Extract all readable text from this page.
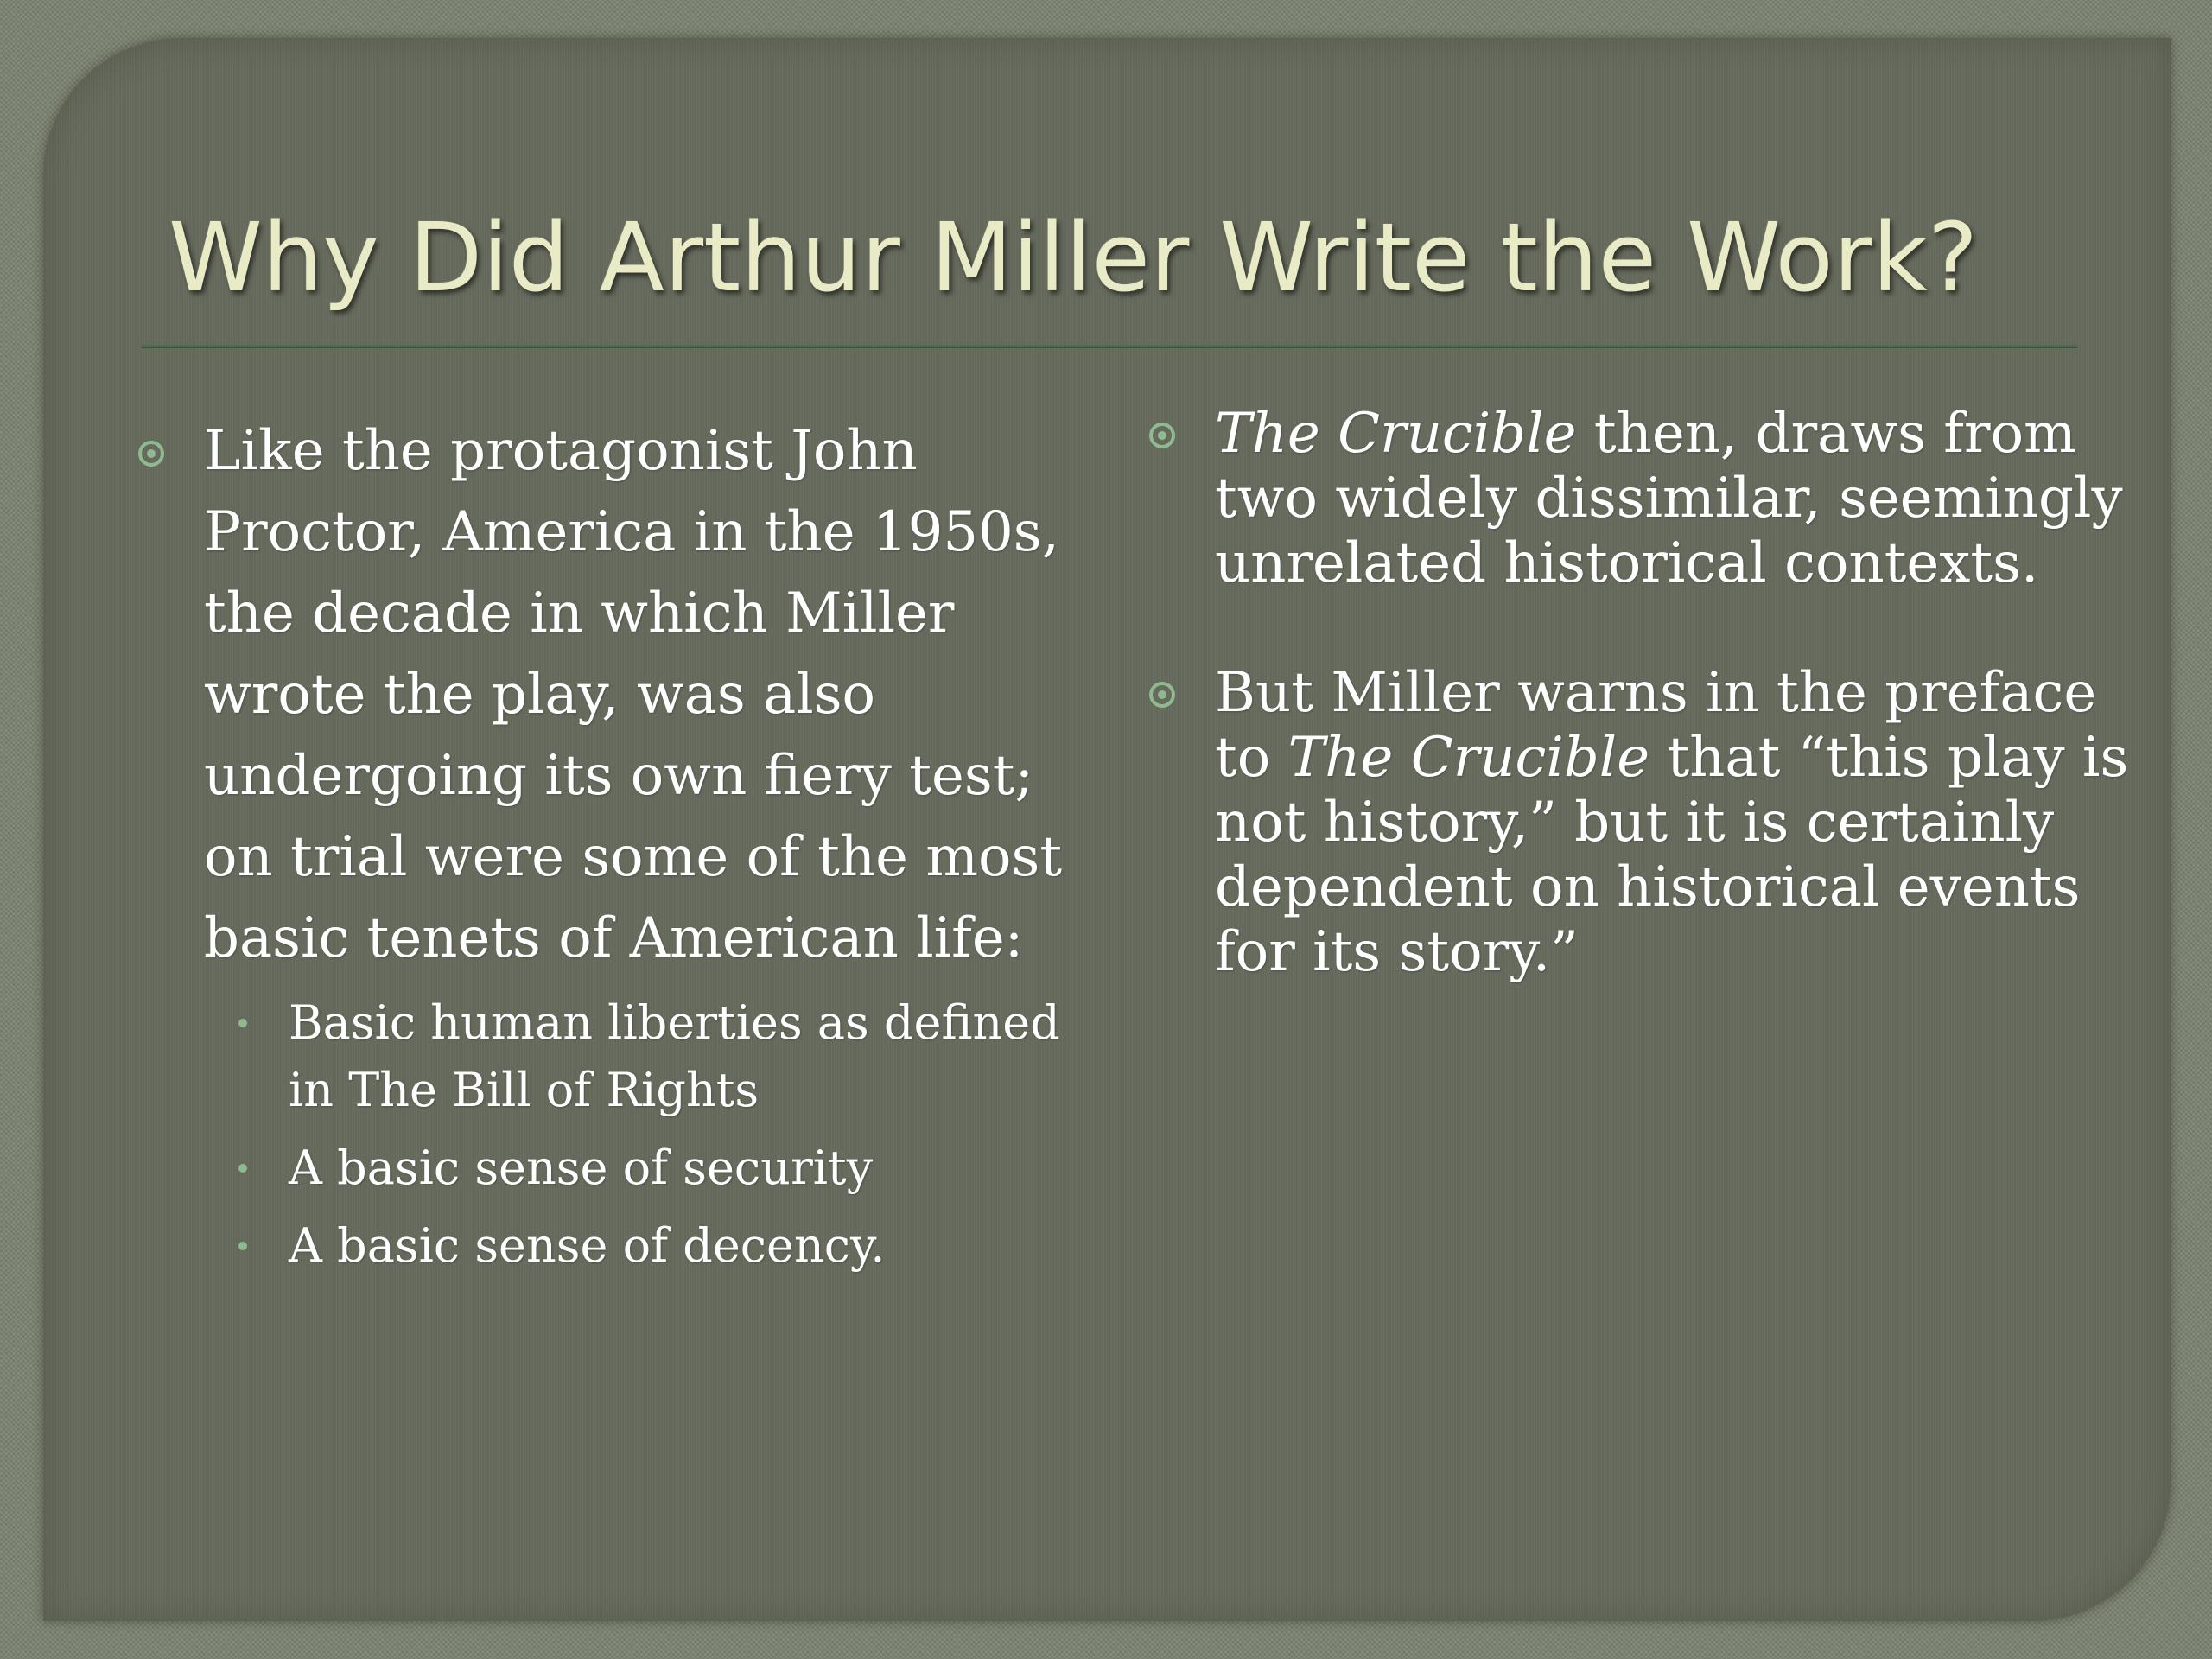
Why Did Arthur Miller Write the Work?
Like the protagonist John Proctor, America in the 1950s, the decade in which Miller wrote the play, was also undergoing its own fiery test; on trial were some of the most basic tenets of American life:
Basic human liberties as defined in The Bill of Rights
A basic sense of security
A basic sense of decency.
The Crucible then, draws from two widely dissimilar, seemingly unrelated historical contexts.
But Miller warns in the preface to The Crucible that “this play is not history,” but it is certainly dependent on historical events for its story.”
